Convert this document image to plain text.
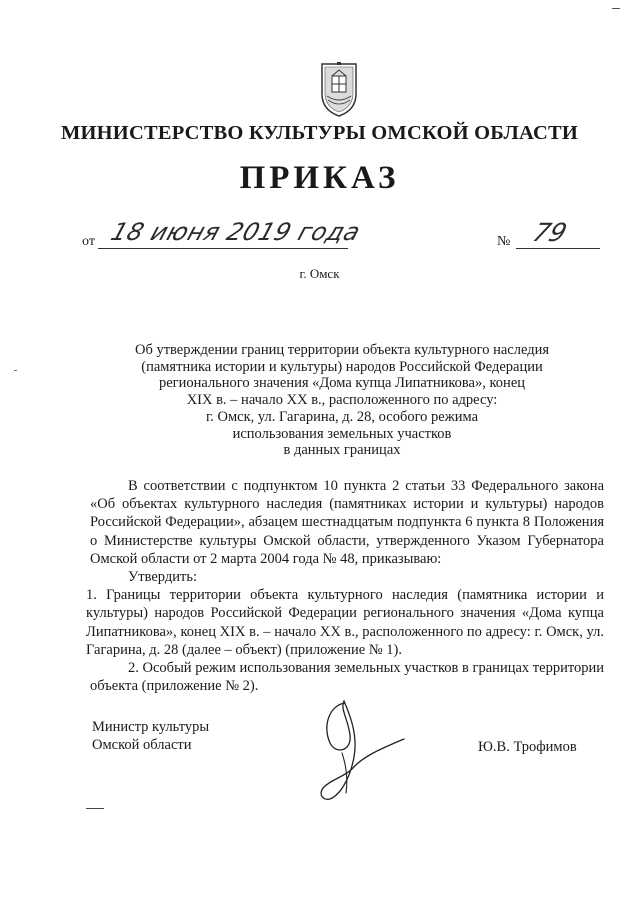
МИНИСТЕРСТВО КУЛЬТУРЫ ОМСКОЙ ОБЛАСТИ
ПРИКАЗ
от 18 июня 2019 года	№ 79
г. Омск
Об утверждении границ территории объекта культурного наследия
(памятника истории и культуры) народов Российской Федерации
регионального значения «Дома купца Липатникова», конец
XIX в. – начало XX в., расположенного по адресу:
г. Омск, ул. Гагарина, д. 28, особого режима
использования земельных участков
в данных границах

В соответствии с подпунктом 10 пункта 2 статьи 33 Федерального закона «Об объектах культурного наследия (памятниках истории и культуры) народов Российской Федерации», абзацем шестнадцатым подпункта 6 пункта 8 Положения о Министерстве культуры Омской области, утвержденного Указом Губернатора Омской области от 2 марта 2004 года № 48, приказываю:

Утвердить:

1. Границы территории объекта культурного наследия (памятника истории и культуры) народов Российской Федерации регионального значения «Дома купца Липатникова», конец XIX в. – начало XX в., расположенного по адресу: г. Омск, ул. Гагарина, д. 28 (далее – объект) (приложение № 1).

2. Особый режим использования земельных участков в границах территории объекта (приложение № 2).

Министр культуры
Омской области	Ю.В. Трофимов
